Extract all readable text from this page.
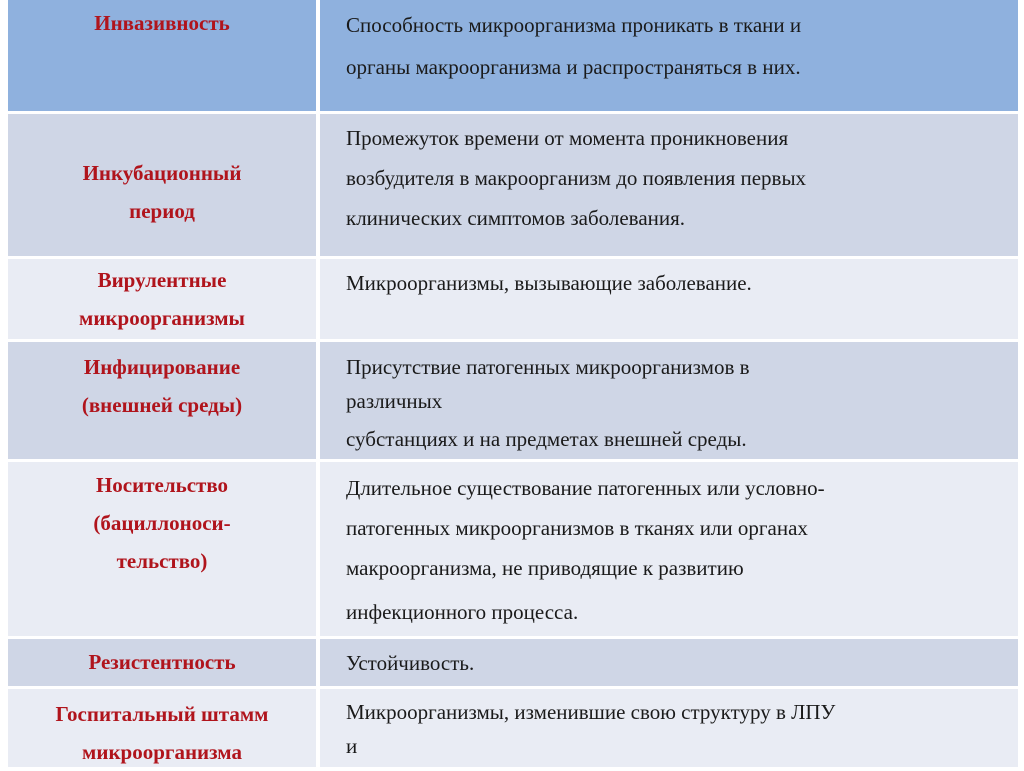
Инвазивность	Способность микроорганизма проникать в ткани и
органы макроорганизма и распространяться в них.
Инкубационный
период
Промежуток времени от момента проникновения
возбудителя в макроорганизм до появления первых
клинических симптомов заболевания.
Вирулентные
микроорганизмы
Микроорганизмы, вызывающие заболевание.
Инфицирование
(внешней среды)
Присутствие патогенных микроорганизмов в
различных
субстанциях и на предметах внешней среды.
Носительство
(бациллоноси-
тельство)
Длительное существование патогенных или условно-
патогенных микроорганизмов в тканях или органах
макроорганизма, не приводящие к развитию
инфекционного процесса.
Резистентность	Устойчивость.
Госпитальный штамм
микроорганизма
Микроорганизмы, изменившие свою структуру в ЛПУ
и
